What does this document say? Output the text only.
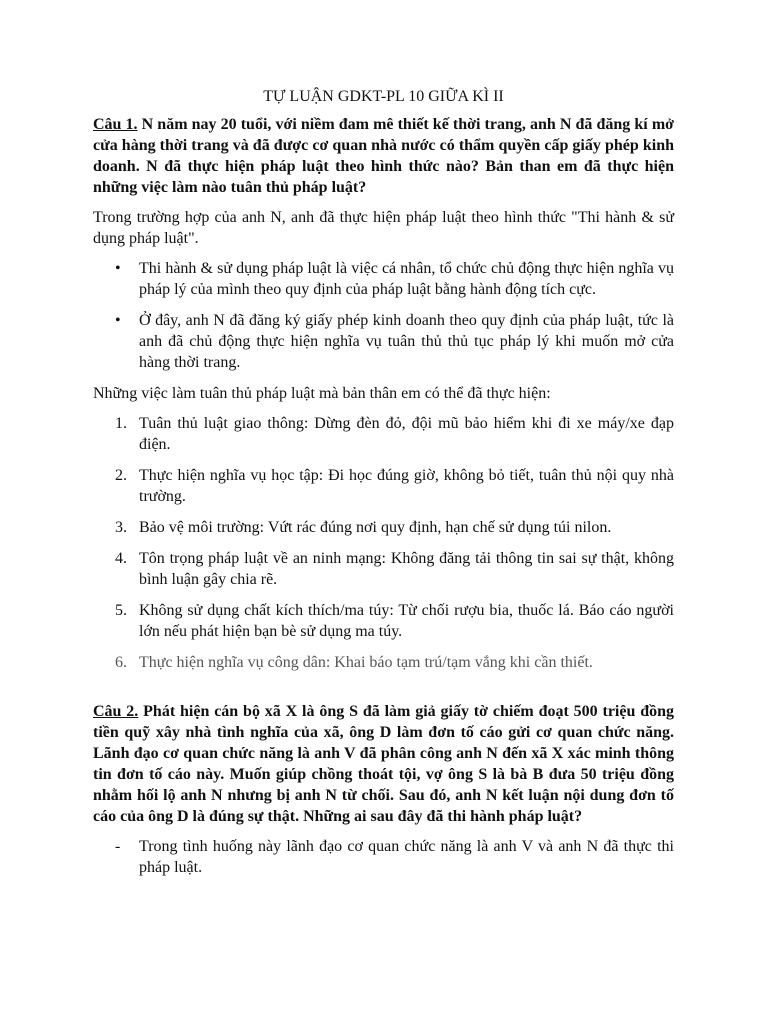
TỰ LUẬN GDKT-PL 10 GIỮA KÌ II
Câu 1. N năm nay 20 tuổi, với niềm đam mê thiết kế thời trang, anh N đã đăng kí mở cửa hàng thời trang và đã được cơ quan nhà nước có thẩm quyền cấp giấy phép kinh doanh. N đã thực hiện pháp luật theo hình thức nào? Bản than em đã thực hiện những việc làm nào tuân thủ pháp luật?
Trong trường hợp của anh N, anh đã thực hiện pháp luật theo hình thức "Thi hành & sử dụng pháp luật".
• Thi hành & sử dụng pháp luật là việc cá nhân, tổ chức chủ động thực hiện nghĩa vụ pháp lý của mình theo quy định của pháp luật bằng hành động tích cực.
• Ở đây, anh N đã đăng ký giấy phép kinh doanh theo quy định của pháp luật, tức là anh đã chủ động thực hiện nghĩa vụ tuân thủ thủ tục pháp lý khi muốn mở cửa hàng thời trang.
Những việc làm tuân thủ pháp luật mà bản thân em có thể đã thực hiện:
1. Tuân thủ luật giao thông: Dừng đèn đỏ, đội mũ bảo hiểm khi đi xe máy/xe đạp điện.
2. Thực hiện nghĩa vụ học tập: Đi học đúng giờ, không bỏ tiết, tuân thủ nội quy nhà trường.
3. Bảo vệ môi trường: Vứt rác đúng nơi quy định, hạn chế sử dụng túi nilon.
4. Tôn trọng pháp luật về an ninh mạng: Không đăng tải thông tin sai sự thật, không bình luận gây chia rẽ.
5. Không sử dụng chất kích thích/ma túy: Từ chối rượu bia, thuốc lá. Báo cáo người lớn nếu phát hiện bạn bè sử dụng ma túy.
6. Thực hiện nghĩa vụ công dân: Khai báo tạm trú/tạm vắng khi cần thiết.
Câu 2. Phát hiện cán bộ xã X là ông S đã làm giả giấy tờ chiếm đoạt 500 triệu đồng tiền quỹ xây nhà tình nghĩa của xã, ông D làm đơn tố cáo gửi cơ quan chức năng. Lãnh đạo cơ quan chức năng là anh V đã phân công anh N đến xã X xác minh thông tin đơn tố cáo này. Muốn giúp chồng thoát tội, vợ ông S là bà B đưa 50 triệu đồng nhằm hối lộ anh N nhưng bị anh N từ chối. Sau đó, anh N kết luận nội dung đơn tố cáo của ông D là đúng sự thật. Những ai sau đây đã thi hành pháp luật?
- Trong tình huống này lãnh đạo cơ quan chức năng là anh V và anh N đã thực thi pháp luật.
